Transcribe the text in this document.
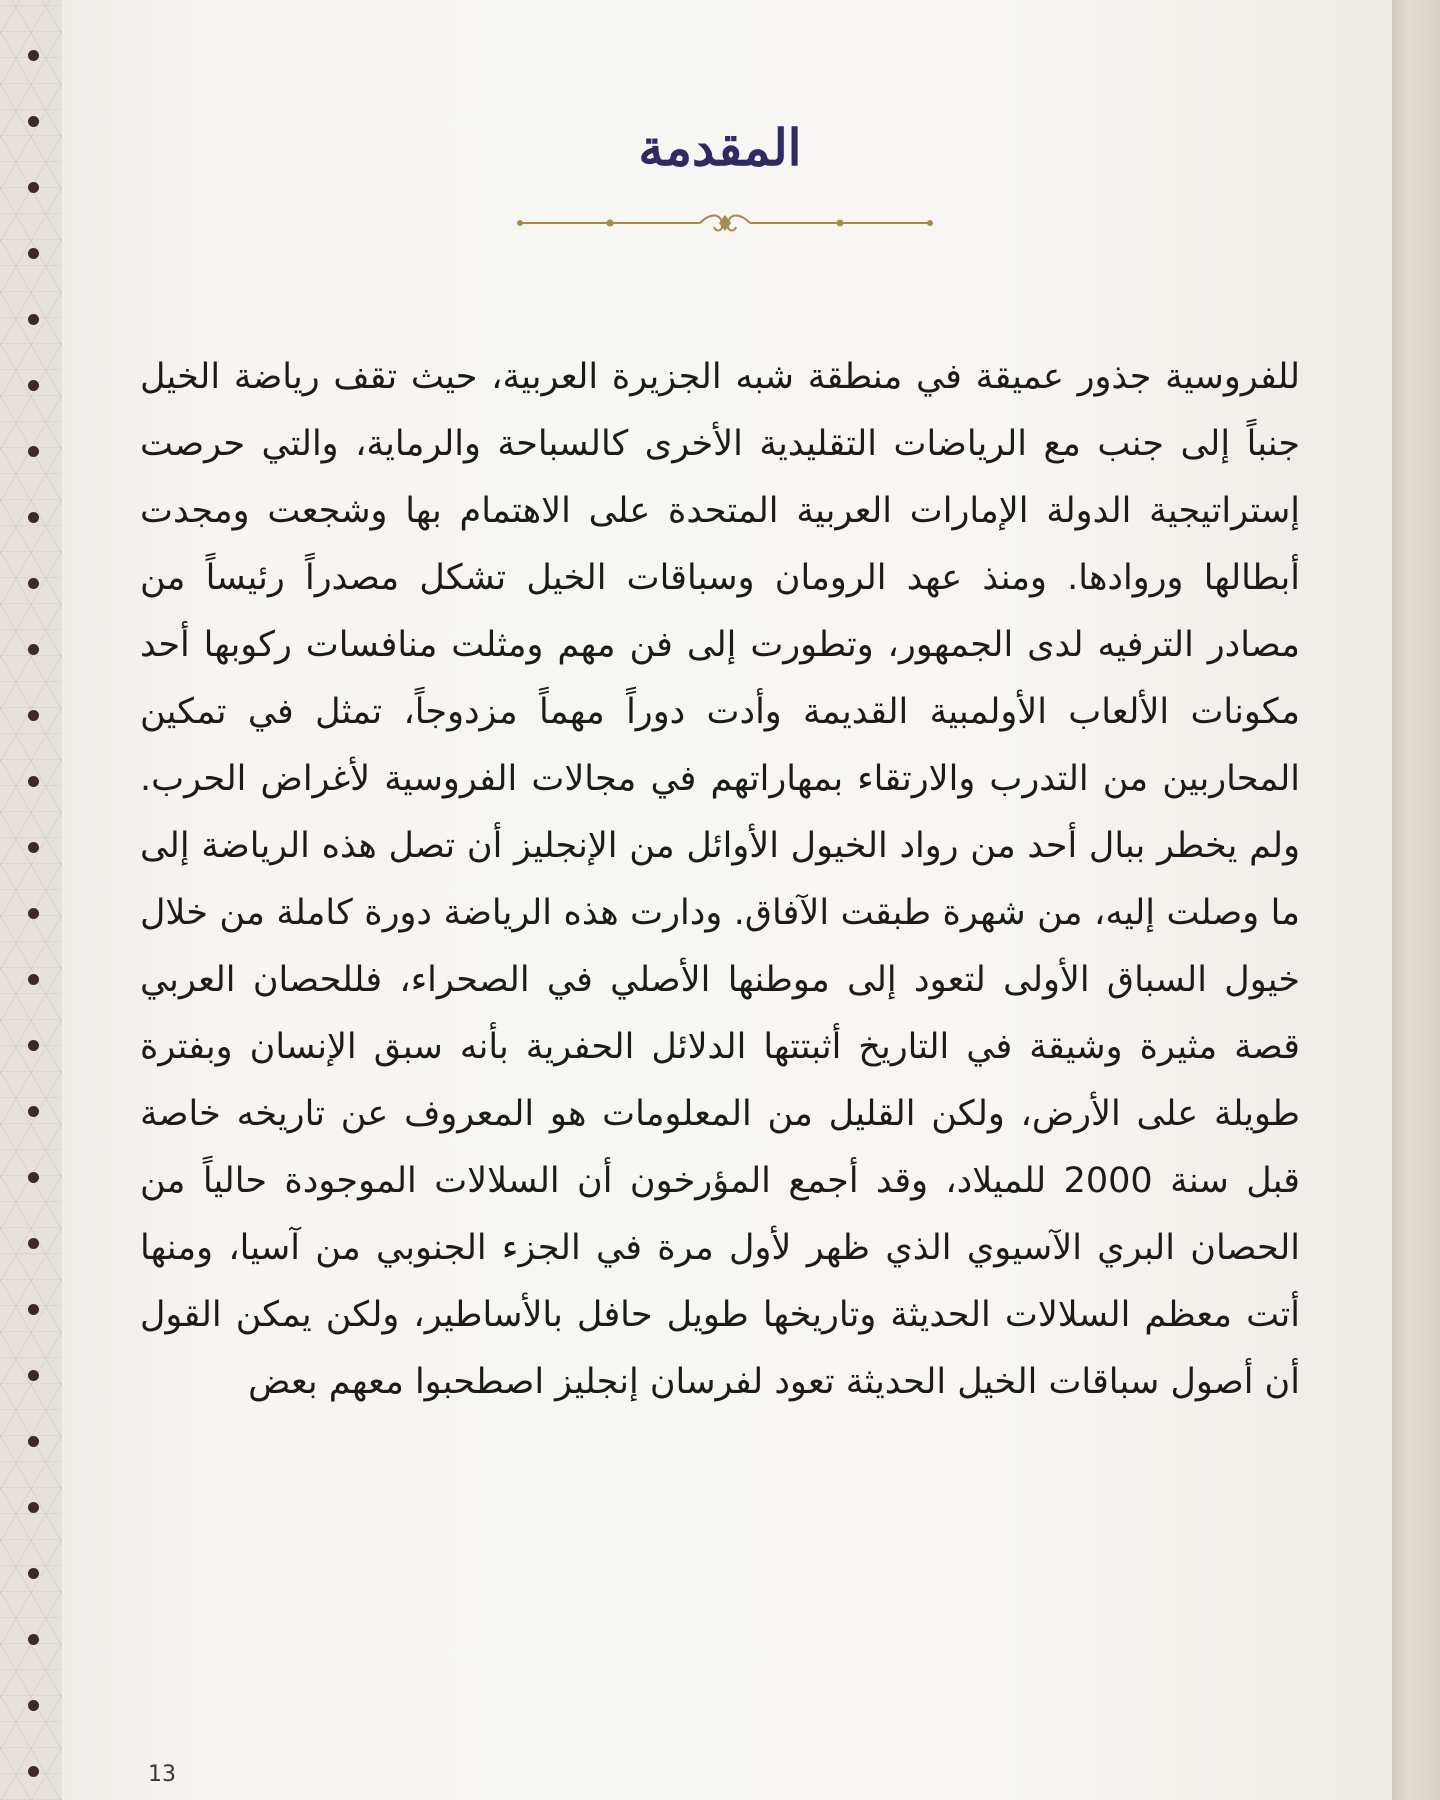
المقدمة

للفروسية جذور عميقة في منطقة شبه الجزيرة العربية، حيث تقف رياضة الخيل جنباً إلى جنب مع الرياضات التقليدية الأخرى كالسباحة والرماية، والتي حرصت إستراتيجية الدولة الإمارات العربية المتحدة على الاهتمام بها وشجعت ومجدت أبطالها وروادها. ومنذ عهد الرومان وسباقات الخيل تشكل مصدراً رئيساً من مصادر الترفيه لدى الجمهور، وتطورت إلى فن مهم ومثلت منافسات ركوبها أحد مكونات الألعاب الأولمبية القديمة وأدت دوراً مهماً مزدوجاً، تمثل في تمكين المحاربين من التدرب والارتقاء بمهاراتهم في مجالات الفروسية لأغراض الحرب. ولم يخطر ببال أحد من رواد الخيول الأوائل من الإنجليز أن تصل هذه الرياضة إلى ما وصلت إليه، من شهرة طبقت الآفاق. ودارت هذه الرياضة دورة كاملة من خلال خيول السباق الأولى لتعود إلى موطنها الأصلي في الصحراء، فللحصان العربي قصة مثيرة وشيقة في التاريخ أثبتتها الدلائل الحفرية بأنه سبق الإنسان وبفترة طويلة على الأرض، ولكن القليل من المعلومات هو المعروف عن تاريخه خاصة قبل سنة 2000 للميلاد، وقد أجمع المؤرخون أن السلالات الموجودة حالياً من الحصان البري الآسيوي الذي ظهر لأول مرة في الجزء الجنوبي من آسيا، ومنها أتت معظم السلالات الحديثة وتاريخها طويل حافل بالأساطير، ولكن يمكن القول أن أصول سباقات الخيل الحديثة تعود لفرسان إنجليز اصطحبوا معهم بعض

13
